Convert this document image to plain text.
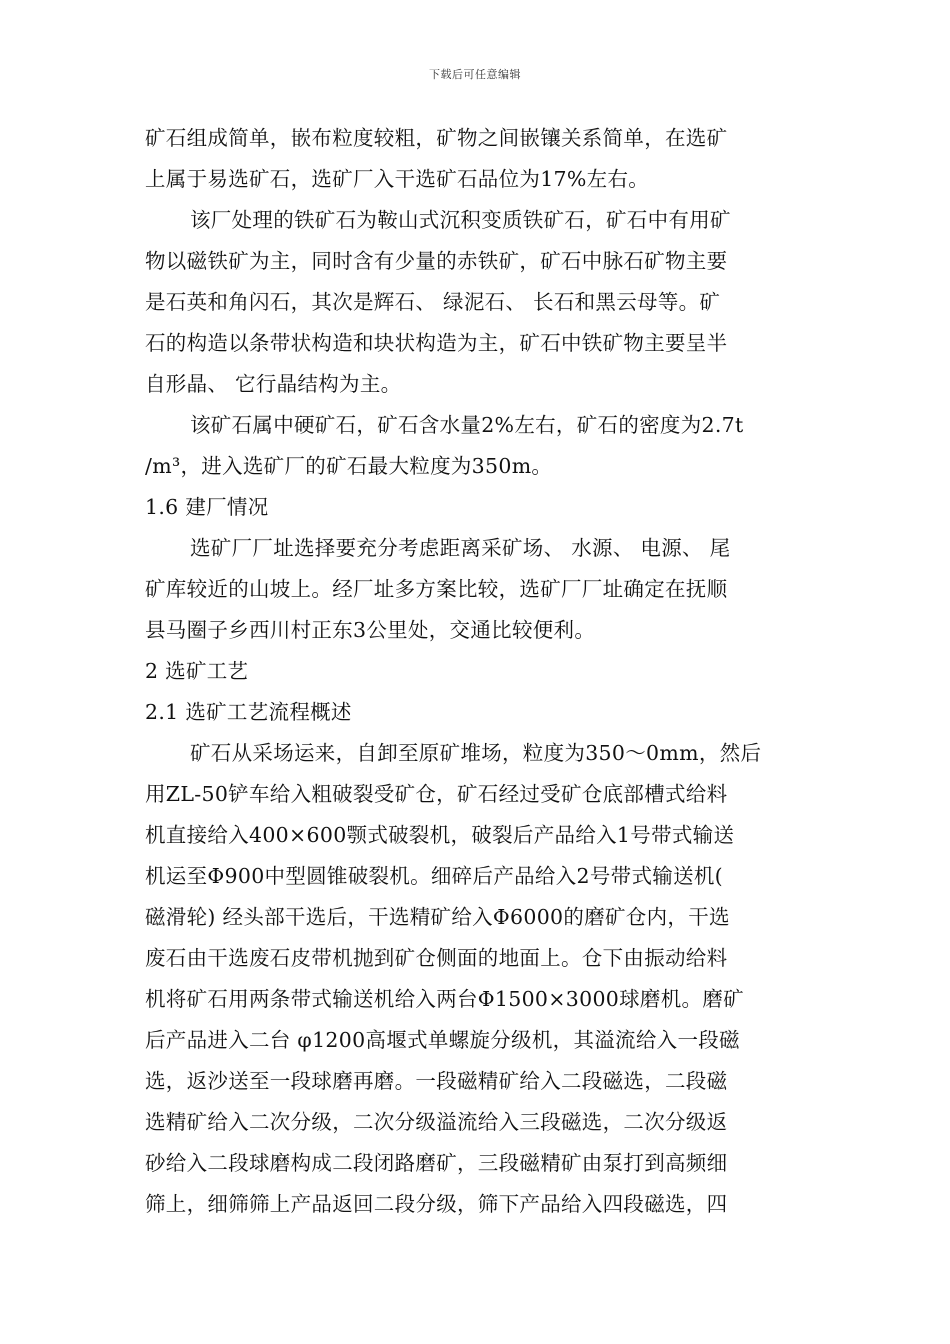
下载后可任意编辑
矿石组成简单，嵌布粒度较粗，矿物之间嵌镶关系简单，在选矿
上属于易选矿石，选矿厂入干选矿石品位为17%左右。
该厂处理的铁矿石为鞍山式沉积变质铁矿石，矿石中有用矿
物以磁铁矿为主，同时含有少量的赤铁矿，矿石中脉石矿物主要
是石英和角闪石，其次是辉石、 绿泥石、 长石和黑云母等。矿
石的构造以条带状构造和块状构造为主，矿石中铁矿物主要呈半
自形晶、 它行晶结构为主。
该矿石属中硬矿石，矿石含水量2%左右，矿石的密度为2.7t
/m³，进入选矿厂的矿石最大粒度为350m。
1.6 建厂情况
选矿厂厂址选择要充分考虑距离采矿场、 水源、 电源、 尾
矿库较近的山坡上。经厂址多方案比较，选矿厂厂址确定在抚顺
县马圈子乡西川村正东3公里处，交通比较便利。
2 选矿工艺
2.1 选矿工艺流程概述
矿石从采场运来，自卸至原矿堆场，粒度为350～0mm，然后
用ZL-50铲车给入粗破裂受矿仓，矿石经过受矿仓底部槽式给料
机直接给入400×600颚式破裂机，破裂后产品给入1号带式输送
机运至Φ900中型圆锥破裂机。细碎后产品给入2号带式输送机(
磁滑轮) 经头部干选后，干选精矿给入Φ6000的磨矿仓内，干选
废石由干选废石皮带机抛到矿仓侧面的地面上。仓下由振动给料
机将矿石用两条带式输送机给入两台Φ1500×3000球磨机。磨矿
后产品进入二台 φ1200高堰式单螺旋分级机，其溢流给入一段磁
选，返沙送至一段球磨再磨。一段磁精矿给入二段磁选，二段磁
选精矿给入二次分级，二次分级溢流给入三段磁选，二次分级返
砂给入二段球磨构成二段闭路磨矿，三段磁精矿由泵打到高频细
筛上，细筛筛上产品返回二段分级，筛下产品给入四段磁选，四
